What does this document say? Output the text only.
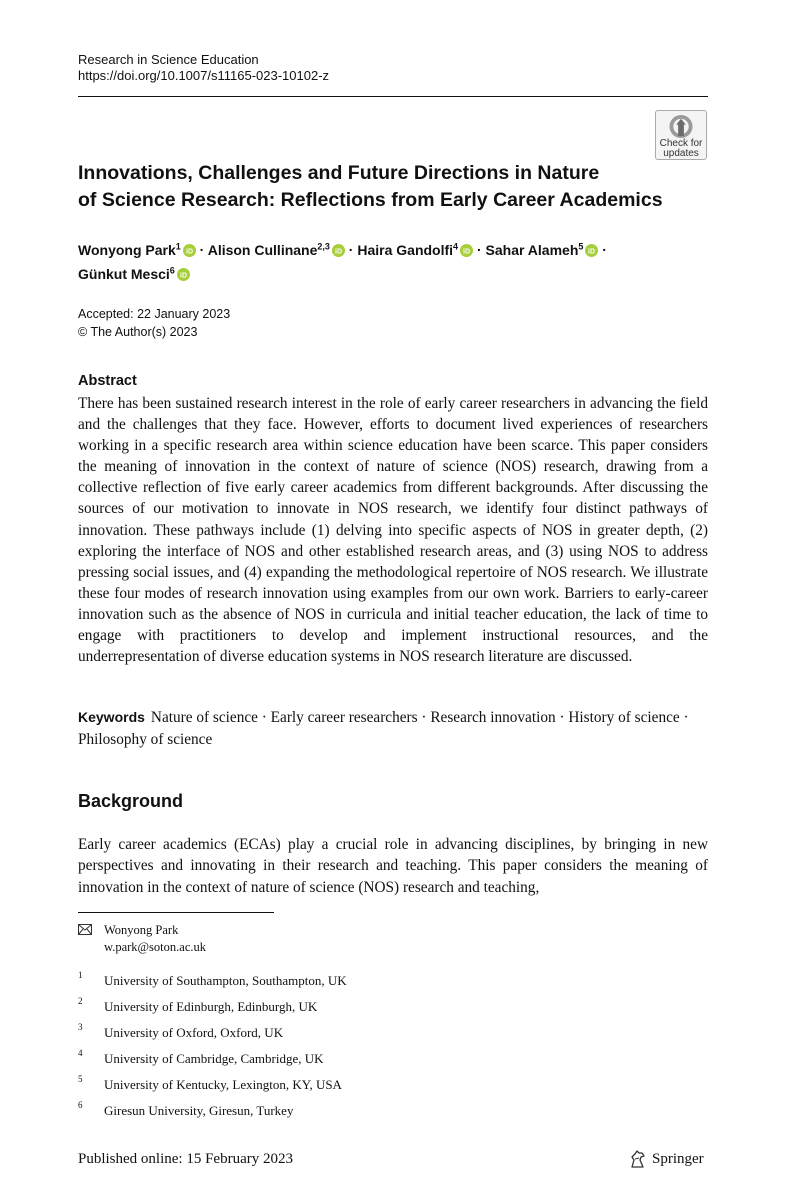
Research in Science Education
https://doi.org/10.1007/s11165-023-10102-z
Check for
updates
Innovations, Challenges and Future Directions in Nature
of Science Research: Reflections from Early Career Academics
Wonyong Park$^1$
iD · Alison Cullinane$^{2,3}$
iD · Haira Gandolfi$^4$
iD · Sahar Alameh$^5$
iD ·
Günkut Mesci$^6$
iD
Accepted: 22 January 2023
© The Author(s) 2023
Abstract

There has been sustained research interest in the role of early career researchers in advancing the field and the challenges that they face. However, efforts to document lived experiences of researchers working in a specific research area within science education have been scarce. This paper considers the meaning of innovation in the context of nature of science (NOS) research, drawing from a collective reflection of five early career academics from different backgrounds. After discussing the sources of our motivation to innovate in NOS research, we identify four distinct pathways of innovation. These pathways include (1) delving into specific aspects of NOS in greater depth, (2) exploring the interface of NOS and other established research areas, and (3) using NOS to address pressing social issues, and (4) expanding the methodological repertoire of NOS research. We illustrate these four modes of research innovation using examples from our own work. Barriers to early-career innovation such as the absence of NOS in curricula and initial teacher education, the lack of time to engage with practitioners to develop and implement instructional resources, and the underrepresentation of diverse education systems in NOS research literature are discussed.

Keywords Nature of science · Early career researchers · Research innovation · History of science · Philosophy of science
Background

Early career academics (ECAs) play a crucial role in advancing disciplines, by bringing in new perspectives and innovating in their research and teaching. This paper considers the meaning of innovation in the context of nature of science (NOS) research and teaching,

Wonyong Park
w.park@soton.ac.uk
1 University of Southampton, Southampton, UK
2 University of Edinburgh, Edinburgh, UK
3 University of Oxford, Oxford, UK
4 University of Cambridge, Cambridge, UK
5 University of Kentucky, Lexington, KY, USA
6 Giresun University, Giresun, Turkey
Published online: 15 February 2023	Springer
